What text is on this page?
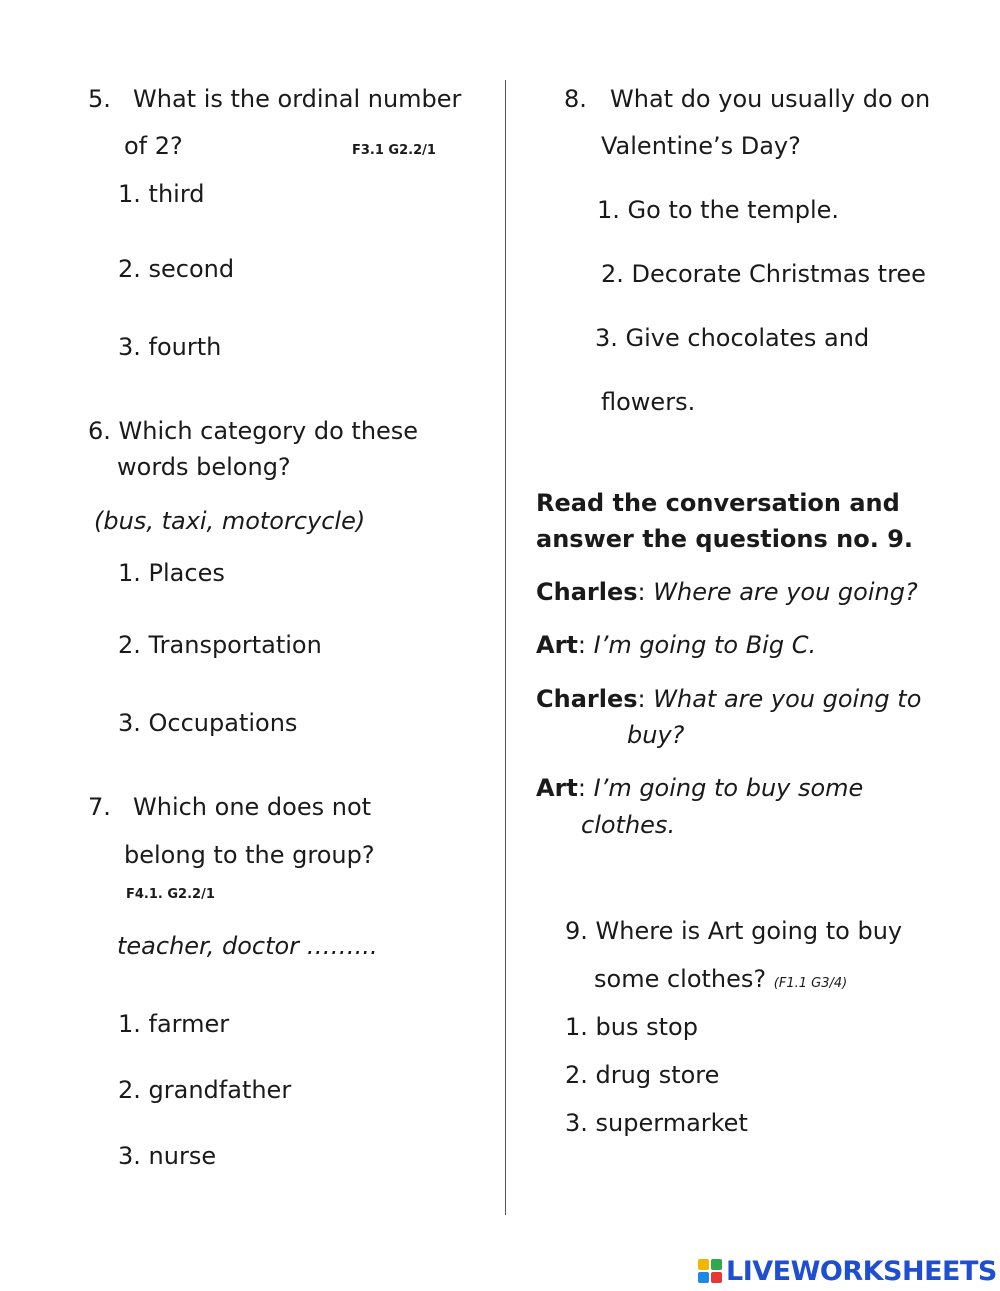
5. What is the ordinal number
of 2?	F3.1 G2.2/1
1. third
2. second
3. fourth
6. Which category do these
words belong?
(bus, taxi, motorcycle)
1. Places
2. Transportation
3. Occupations
7. Which one does not
belong to the group?
F4.1. G2.2/1
teacher, doctor ……...
1. farmer
2. grandfather
3. nurse
8. What do you usually do on
Valentine’s Day?
1. Go to the temple.
2. Decorate Christmas tree
3. Give chocolates and
flowers.
Read the conversation and
answer the questions no. 9.
Charles: Where are you going?
Art: I’m going to Big C.
Charles: What are you going to
buy?
Art: I’m going to buy some
clothes.
9. Where is Art going to buy
some clothes? (F1.1 G3/4)
1. bus stop
2. drug store
3. supermarket
LIVEWORKSHEETS
